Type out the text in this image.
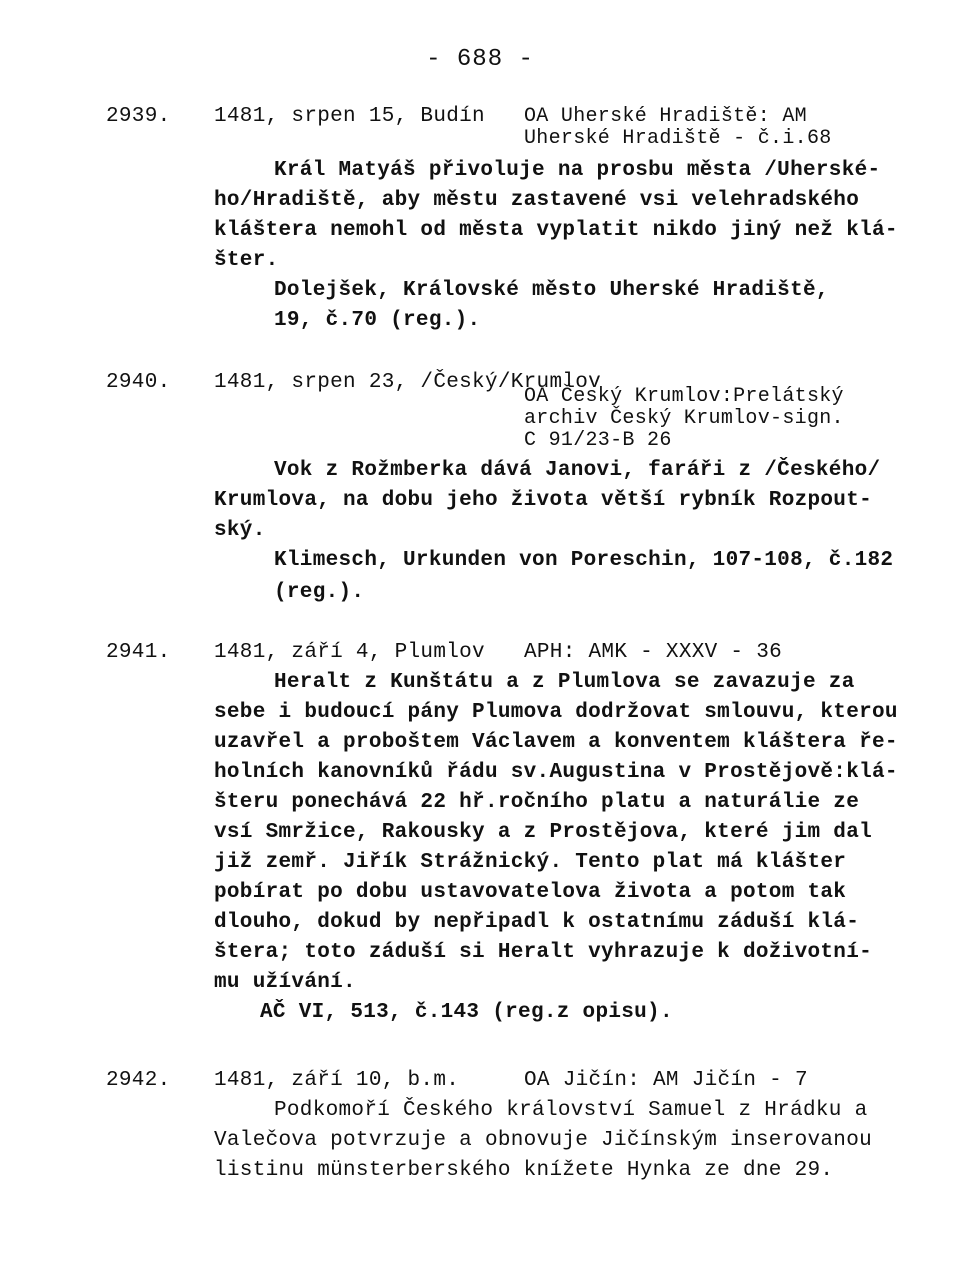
- 688 -
2939. 1481, srpen 15, Budín OA Uherské Hradiště: AM
Uherské Hradiště - č.i.68
Král Matyáš přivoluje na prosbu města /Uherské-
ho/Hradiště, aby městu zastavené vsi velehradského
kláštera nemohl od města vyplatit nikdo jiný než klá-
šter.
Dolejšek, Královské město Uherské Hradiště,
19, č.70 (reg.).
2940. 1481, srpen 23, /Český/Krumlov
OA Český Krumlov:Prelátský
archiv Český Krumlov-sign.
C 91/23-B 26
Vok z Rožmberka dává Janovi, faráři z /Českého/
Krumlova, na dobu jeho života větší rybník Rozpout-
ský.
Klimesch, Urkunden von Poreschin, 107-108, č.182
(reg.).
2941. 1481, září 4, Plumlov APH: AMK - XXXV - 36
Heralt z Kunštátu a z Plumlova se zavazuje za
sebe i budoucí pány Plumova dodržovat smlouvu, kterou
uzavřel a proboštem Václavem a konventem kláštera ře-
holních kanovníků řádu sv.Augustina v Prostějově:klá-
šteru ponechává 22 hř.ročního platu a naturálie ze
vsí Smržice, Rakousky a z Prostějova, které jim dal
již zemř. Jiřík Strážnický. Tento plat má klášter
pobírat po dobu ustavovatelova života a potom tak
dlouho, dokud by nepřipadl k ostatnímu záduší klá-
štera; toto záduší si Heralt vyhrazuje k doživotní-
mu užívání.
AČ VI, 513, č.143 (reg.z opisu).
2942. 1481, září 10, b.m.	OA Jičín: AM Jičín - 7
Podkomoří Českého království Samuel z Hrádku a
Valečova potvrzuje a obnovuje Jičínským inserovanou
listinu münsterberského knížete Hynka ze dne 29.
